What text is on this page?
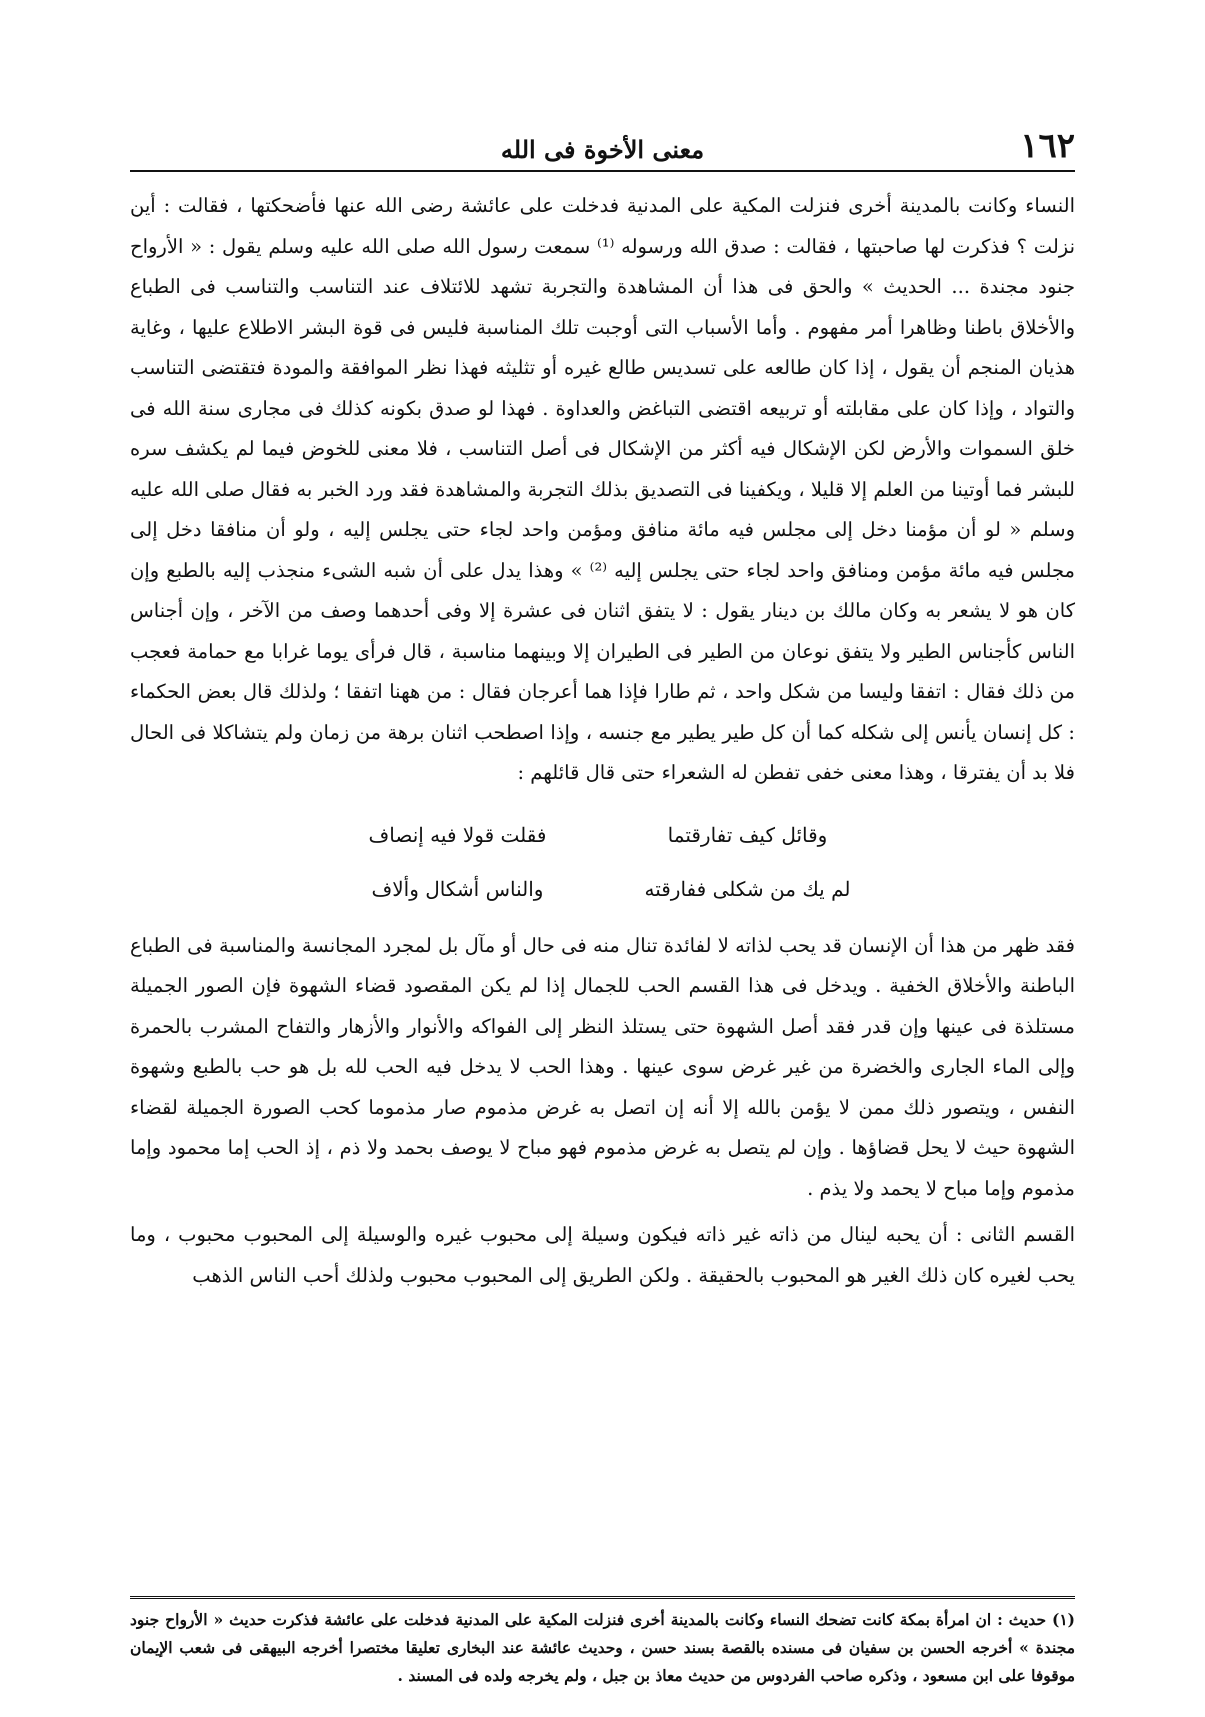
١٦٢
معنى الأخوة فى الله

النساء وكانت بالمدينة أخرى فنزلت المكية على المدنية فدخلت على عائشة رضى الله عنها فأضحكتها ، فقالت : أين نزلت ؟ فذكرت لها صاحبتها ، فقالت : صدق الله ورسوله ⁽¹⁾ سمعت رسول الله صلى الله عليه وسلم يقول : « الأرواح جنود مجندة ... الحديث » والحق فى هذا أن المشاهدة والتجربة تشهد للائتلاف عند التناسب والتناسب فى الطباع والأخلاق باطنا وظاهرا أمر مفهوم . وأما الأسباب التى أوجبت تلك المناسبة فليس فى قوة البشر الاطلاع عليها ، وغاية هذيان المنجم أن يقول ، إذا كان طالعه على تسديس طالع غيره أو تثليثه فهذا نظر الموافقة والمودة فتقتضى التناسب والتواد ، وإذا كان على مقابلته أو تربيعه اقتضى التباغض والعداوة . فهذا لو صدق بكونه كذلك فى مجارى سنة الله فى خلق السموات والأرض لكن الإشكال فيه أكثر من الإشكال فى أصل التناسب ، فلا معنى للخوض فيما لم يكشف سره للبشر فما أوتينا من العلم إلا قليلا ، ويكفينا فى التصديق بذلك التجربة والمشاهدة فقد ورد الخبر به فقال صلى الله عليه وسلم « لو أن مؤمنا دخل إلى مجلس فيه مائة منافق ومؤمن واحد لجاء حتى يجلس إليه ، ولو أن منافقا دخل إلى مجلس فيه مائة مؤمن ومنافق واحد لجاء حتى يجلس إليه ⁽²⁾ » وهذا يدل على أن شبه الشىء منجذب إليه بالطبع وإن كان هو لا يشعر به وكان مالك بن دينار يقول : لا يتفق اثنان فى عشرة إلا وفى أحدهما وصف من الآخر ، وإن أجناس الناس كأجناس الطير ولا يتفق نوعان من الطير فى الطيران إلا وبينهما مناسبة ، قال فرأى يوما غرابا مع حمامة فعجب من ذلك فقال : اتفقا وليسا من شكل واحد ، ثم طارا فإذا هما أعرجان فقال : من ههنا اتفقا ؛ ولذلك قال بعض الحكماء : كل إنسان يأنس إلى شكله كما أن كل طير يطير مع جنسه ، وإذا اصطحب اثنان برهة من زمان ولم يتشاكلا فى الحال فلا بد أن يفترقا ، وهذا معنى خفى تفطن له الشعراء حتى قال قائلهم :

وقائل كيف تفارقتما
فقلت قولا فيه إنصاف
لم يك من شكلى ففارقته
والناس أشكال وألاف

فقد ظهر من هذا أن الإنسان قد يحب لذاته لا لفائدة تنال منه فى حال أو مآل بل لمجرد المجانسة والمناسبة فى الطباع الباطنة والأخلاق الخفية . ويدخل فى هذا القسم الحب للجمال إذا لم يكن المقصود قضاء الشهوة فإن الصور الجميلة مستلذة فى عينها وإن قدر فقد أصل الشهوة حتى يستلذ النظر إلى الفواكه والأنوار والأزهار والتفاح المشرب بالحمرة وإلى الماء الجارى والخضرة من غير غرض سوى عينها . وهذا الحب لا يدخل فيه الحب لله بل هو حب بالطبع وشهوة النفس ، ويتصور ذلك ممن لا يؤمن بالله إلا أنه إن اتصل به غرض مذموم صار مذموما كحب الصورة الجميلة لقضاء الشهوة حيث لا يحل قضاؤها . وإن لم يتصل به غرض مذموم فهو مباح لا يوصف بحمد ولا ذم ، إذ الحب إما محمود وإما مذموم وإما مباح لا يحمد ولا يذم .

القسم الثانى : أن يحبه لينال من ذاته غير ذاته فيكون وسيلة إلى محبوب غيره والوسيلة إلى المحبوب محبوب ، وما يحب لغيره كان ذلك الغير هو المحبوب بالحقيقة . ولكن الطريق إلى المحبوب محبوب ولذلك أحب الناس الذهب

(١) حديث : ان امرأة بمكة كانت تضحك النساء وكانت بالمدينة أخرى فنزلت المكية على المدنية فدخلت على عائشة فذكرت حديث « الأرواح جنود مجندة » أخرجه الحسن بن سفيان فى مسنده بالقصة بسند حسن ، وحديث عائشة عند البخارى تعليقا مختصرا أخرجه البيهقى فى شعب الإيمان موقوفا على ابن مسعود ، وذكره صاحب الفردوس من حديث معاذ بن جبل ، ولم يخرجه ولده فى المسند .
